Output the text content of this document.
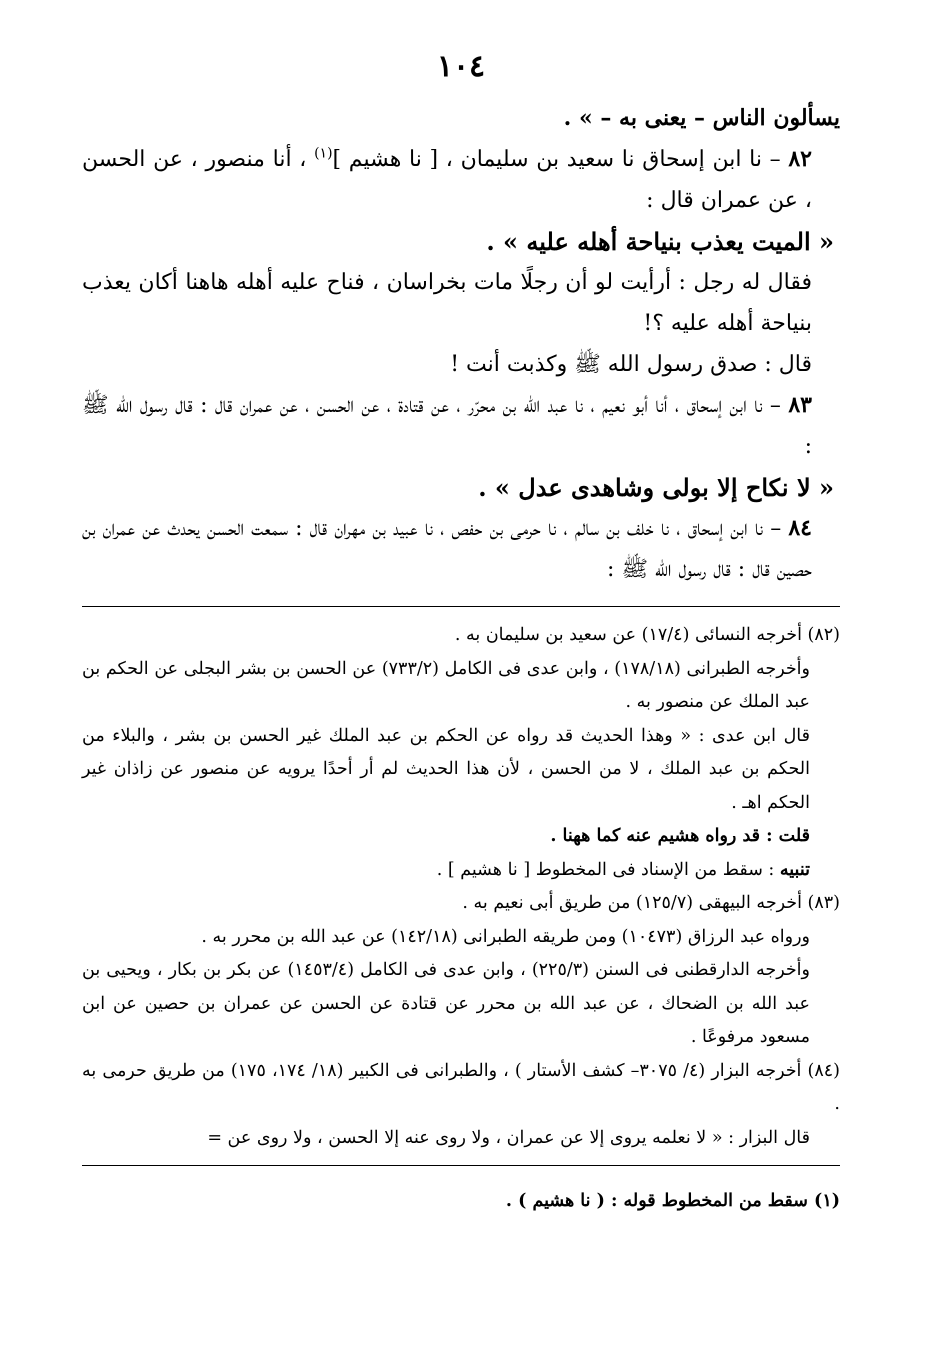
١٠٤

يسألون الناس – يعنى به – » .

٨٢ – نا ابن إسحاق نا سعيد بن سليمان ، [ نا هشيم ]$^{(١)}$ ، أنا منصور ، عن الحسن ، عن عمران قال :

« الميت يعذب بنياحة أهله عليه » .

فقال له رجل : أرأيت لو أن رجلًا مات بخراسان ، فناح عليه أهله هاهنا أكان يعذب بنياحة أهله عليه ؟!

قال : صدق رسول الله ﷺ وكذبت أنت !

٨٣ – نا ابن إسحاق ، أنا أبو نعيم ، نا عبد الله بن محرّر ، عن قتادة ، عن الحسن ، عن عمران قال : قال رسول الله ﷺ :

« لا نكاح إلا بولى وشاهدى عدل » .

٨٤ – نا ابن إسحاق ، نا خلف بن سالم ، نا حرمى بن حفص ، نا عبيد بن مهران قال : سمعت الحسن يحدث عن عمران بن حصين قال : قال رسول الله ﷺ :

(٨٢) أخرجه النسائى (١٧/٤) عن سعيد بن سليمان به .

وأخرجه الطبرانى (١٧٨/١٨) ، وابن عدى فى الكامل (٧٣٣/٢) عن الحسن بن بشر البجلى عن الحكم بن عبد الملك عن منصور به .

قال ابن عدى : « وهذا الحديث قد رواه عن الحكم بن عبد الملك غير الحسن بن بشر ، والبلاء من الحكم بن عبد الملك ، لا من الحسن ، لأن هذا الحديث لم أر أحدًا يرويه عن منصور عن زاذان غير الحكم اهـ .

قلت : قد رواه هشيم عنه كما ههنا .

تنبيه : سقط من الإسناد فى المخطوط [ نا هشيم ] .

(٨٣) أخرجه البيهقى (١٢٥/٧) من طريق أبى نعيم به .

ورواه عبد الرزاق (١٠٤٧٣) ومن طريقه الطبرانى (١٤٢/١٨) عن عبد الله بن محرر به .

وأخرجه الدارقطنى فى السنن (٢٢٥/٣) ، وابن عدى فى الكامل (١٤٥٣/٤) عن بكر بن بكار ، ويحيى بن عبد الله بن الضحاك ، عن عبد الله بن محرر عن قتادة عن الحسن عن عمران بن حصين عن ابن مسعود مرفوعًا .

(٨٤) أخرجه البزار (٤/ ٣٠٧٥– كشف الأستار ) ، والطبرانى فى الكبير (١٨/ ١٧٤، ١٧٥) من طريق حرمى به .

قال البزار : « لا نعلمه يروى إلا عن عمران ، ولا روى عنه إلا الحسن ، ولا روى عن =

(١) سقط من المخطوط قوله : ( نا هشيم ) .
